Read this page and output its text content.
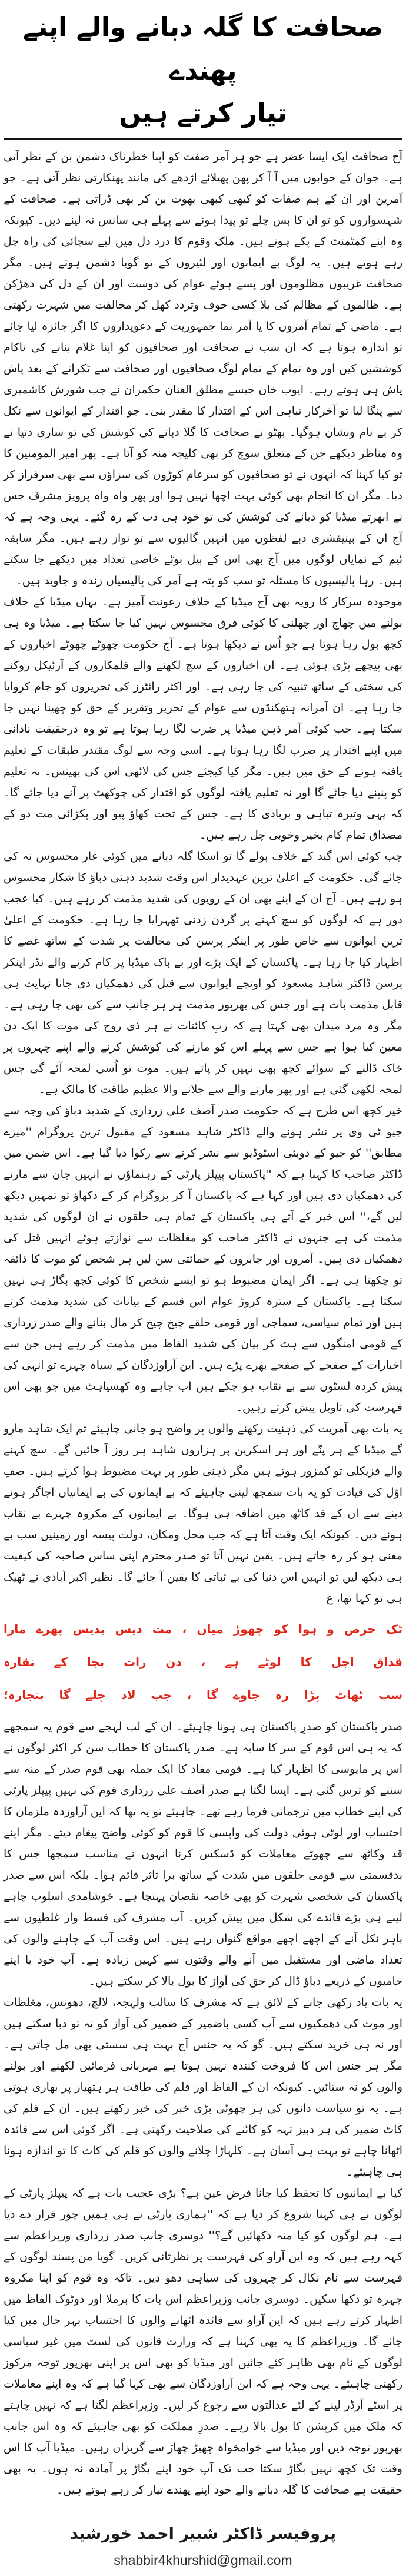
صحافت کا گلہ دبانے والے اپنے پھندے
تیار کرتے ہیں

آج صحافت ایک ایسا عضر ہے جو ہر آمر صفت کو اپنا خطرناک دشمن بن کے نظر آتی ہے۔ جوان کے خوابوں میں آ آ کر پھن پھیلائے اژدھے کی مانند پھنکارتی نظر آتی ہے۔ جو آمرین اور ان کے ہم صفات کو کبھی کبھی بھوت بن کر بھی ڈراتی ہے۔ صحافت کے شہسواروں کو تو ان کا بس چلے تو پیدا ہونے سے پہلے ہی سانس نہ لینے دیں۔ کیونکہ وہ اپنے کمٹمنٹ کے پکے ہوتے ہیں۔ ملک وقوم کا درد دل میں لیے سچائی کی راہ چل رہے ہوتے ہیں۔ یہ لوگ بے ایمانوں اور لٹیروں کے تو گویا دشمن ہوتے ہیں۔ مگر صحافت غریبوں مظلوموں اور پسے ہوئے عوام کی دوست اور ان کے دل کی دھڑکن ہے۔ ظالموں کے مظالم کی بلا کسی خوف وتردد کھل کر مخالفت میں شہرت رکھتی ہے۔ ماضی کے تمام آمروں کا یا آمر نما جمہوریت کے دعویداروں کا اگر جائزہ لیا جائے تو اندازہ ہوتا ہے کہ ان سب نے صحافت اور صحافیوں کو اپنا غلام بنانے کی ناکام کوششیں کیں اور وہ تمام کے تمام لوگ صحافیوں اور صحافت سے ٹکرانے کے بعد پاش پاش ہی ہوتے رہے۔ ایوب خان جیسے مطلق العنان حکمران نے جب شورش کاشمیری سے پنگا لیا تو آخرکار تباہی اس کے اقتدار کا مقدر بنی۔ جو اقتدار کے ایوانوں سے نکل کر بے نام ونشان ہوگیا۔ بھٹو نے صحافت کا گلا دبانے کی کوشش کی تو ساری دنیا نے وہ مناظر دیکھے جن کے متعلق سوچ کر بھی کلیجہ منہ کو آتا ہے۔ پھر امیر المومنین کا تو کیا کہنا کہ انہوں نے تو صحافیوں کو سرعام کوڑوں کی سزاؤں سے بھی سرفراز کر دیا۔ مگر ان کا انجام بھی کوئی بہت اچھا نہیں ہوا اور پھر واہ واہ پرویز مشرف جس نے ابھرتے میڈیا کو دبانے کی کوشش کی تو خود ہی دب کے رہ گئے۔ یہی وجہ ہے کہ آج ان کے بینیفشری دبے لفظوں میں انہیں گالیوں سے تو نواز رہے ہیں۔ مگر سابقہ ٹیم کے نمایاں لوگوں میں آج بھی اس کے بیل بوٹے خاصی تعداد میں دیکھے جا سکتے ہیں۔ رہا پالیسیوں کا مسئلہ تو سب کو پتہ ہے آمر کی پالیسیاں زندہ و جاوید ہیں۔

موجودہ سرکار کا رویہ بھی آج میڈیا کے خلاف رعونت آمیز ہے۔ یہاں میڈیا کے خلاف بولنے میں چھاج اور چھلنی کا کوئی فرق محسوس نہیں کیا جا سکتا ہے۔ میڈیا وہ ہی کچھ بول رہا ہوتا ہے جو اُس نے دیکھا ہوتا ہے۔ آج حکومت چھوٹے چھوٹے اخباروں کے بھی پیچھے پڑی ہوئی ہے۔ ان اخباروں کے سچ لکھنے والے قلمکاروں کے آرٹیکل روکنے کی سختی کے ساتھ تنبیہ کی جا رہی ہے۔ اور اکثر رائٹرز کی تحریروں کو جام کروایا جا رہا ہے۔ ان آمرانہ ہتھکنڈوں سے عوام کے تحریر وتقریر کے حق کو چھینا نہیں جا سکتا ہے۔ جب کوئی آمر ذہن میڈیا پر ضرب لگا رہا ہوتا ہے تو وہ درحقیقت نادانی میں اپنے اقتدار پر ضرب لگا رہا ہوتا ہے۔ اسی وجہ سے لوگ مقتدر طبقات کے تعلیم یافتہ ہونے کے حق میں ہیں۔ مگر کیا کیجئے جس کی لاٹھی اس کی بھینس۔ نہ تعلیم کو پنپنے دیا جائے گا اور نہ تعلیم یافتہ لوگوں کو اقتدار کی چوکھٹ پر آنے دیا جائے گا۔ کہ یہی وتیرہ تباہی و بربادی کا ہے۔ جس کے تحت کھاؤ پیو اور پکڑائی مت دو کے مصداق تمام کام بخیر وخوبی چل رہے ہیں۔

جب کوئی اس گند کے خلاف بولے گا تو اسکا گلہ دبانے میں کوئی عار محسوس نہ کی جائے گی۔ حکومت کے اعلیٰ ترین عہدیدار اس وقت شدید ذہنی دباؤ کا شکار محسوس ہو رہے ہیں۔ آج ان کے اپنے بھی ان کے رویوں کی شدید مذمت کر رہے ہیں۔ کیا عجب دور ہے کہ لوگوں کو سچ کہنے پر گردن زدنی ٹھہرایا جا رہا ہے۔ حکومت کے اعلیٰ ترین ایوانوں سے خاص طور پر اینکر پرسن کی مخالفت پر شدت کے ساتھ غصے کا اظہار کیا جا رہا ہے۔ پاکستان کے ایک بڑے اور بے باک میڈیا پر کام کرنے والے نڈر اینکر پرسن ڈاکٹر شاہد مسعود کو اونچے ایوانوں سے قتل کی دھمکیاں دی جانا نہایت ہی قابل مذمت بات ہے اور جس کی بھرپور مذمت ہر ہر جانب سے کی بھی جا رہی ہے۔ مگر وہ مرد میدان بھی کہتا ہے کہ ربِ کائنات نے ہر ذی روح کی موت کا ایک دن معین کیا ہوا ہے جس سے پہلے اس کو مارنے کی کوشش کرنے والے اپنے چہروں پر خاک ڈالنے کے سوائے کچھ بھی نہیں کر پاتے ہیں۔ موت تو اُسی لمحہ آئے گی جس لمحہ لکھی گئی ہے اور پھر مارنے والے سے جلانے والا عظیم طاقت کا مالک ہے۔

خیر کچھ اس طرح ہے کہ حکومت صدر آصف علی زرداری کے شدید دباؤ کی وجہ سے جیو ٹی وی پر نشر ہونے والے ڈاکٹر شاہد مسعود کے مقبول ترین پروگرام ''میرے مطابق'' کو جیو کے دوبئی اسٹوڈیو سے نشر کرنے سے رکوا دیا گیا ہے۔ اس ضمن میں ڈاکٹر صاحب کا کہنا ہے کہ ''پاکستان پیپلز پارٹی کے رہنماؤں نے انہیں جان سے مارنے کی دھمکیاں دی ہیں اور کہا ہے کہ پاکستان آ کر پروگرام کر کے دکھاؤ تو تمہیں دیکھ لیں گے،'' اس خبر کے آتے ہی پاکستان کے تمام ہی حلقوں نے ان لوگوں کی شدید مذمت کی ہے جنہوں نے ڈاکٹر صاحب کو مغلظات سے نوازتے ہوئے انہیں قتل کی دھمکیاں دی ہیں۔ آمروں اور جابروں کے حمائتی سن لیں ہر شخص کو موت کا ذائقہ تو چکھنا ہی ہے۔ اگر ایمان مضبوط ہو تو ایسے شخص کا کوئی کچھ بگاڑ ہی نہیں سکتا ہے۔ پاکستان کے سترہ کروڑ عوام اس قسم کے بیانات کی شدید مذمت کرتے ہیں اور تمام سیاسی، سماجی اور قومی حلقے چیخ چیخ کر مال بنانے والے صدر زرداری کے قومی امنگوں سے ہٹ کر بیان کی شدید الفاظ میں مذمت کر رہے ہیں جن سے اخبارات کے صفحے کے صفحے بھرے پڑے ہیں۔ این آراوزدگان کے سیاہ چہرے تو انہی کی پیش کردہ لسٹوں سے بے نقاب ہو چکے ہیں اب چاہے وہ کھسیاہٹ میں جو بھی اس فہرست کی تاویل پیش کرتے رہیں۔

یہ بات بھی آمریت کی ذہنیت رکھنے والوں پر واضح ہو جانی چاہیئے تم ایک شاہد مارو گے میڈیا کے ہر پنّے اور ہر اسکرین پر ہزاروں شاہد ہر روز آ جائیں گے۔ سچ کہنے والے فزیکلی تو کمزور ہوتے ہیں مگر ذہنی طور پر بہت مضبوط ہوا کرتے ہیں۔ صفِ اوّل کی قیادت کو یہ بات سمجھ لینی چاہیئے کہ بے ایمانوں کی بے ایمانیاں اجاگر ہونے دینے سے ان کے قد کاٹھ میں اضافہ ہی ہوگا۔ بے ایمانوں کے مکروہ چہرے بے نقاب ہونے دیں۔ کیونکہ ایک وقت آتا ہے کہ جب محل ومکان، دولت پیسہ اور زمینیں سب بے معنی ہو کر رہ جاتے ہیں۔ یقین نہیں آتا تو صدر محترم اپنی ساس صاحبہ کی کیفیت ہی دیکھ لیں تو انہیں اس دنیا کی بے ثباتی کا یقین آ جائے گا۔ نظیر اکبر آبادی نے ٹھیک ہی تو کہا تھا، ع

ٹک حرص و ہوا کو چھوڑ میاں ، مت دیس بدیس پھرے مارا

قذاق اجل کا لوٹے ہے ، دن رات بجا کے نقارہ

سب ٹھاٹ پڑا رہ جاوے گا ، جب لاد چلے گا بنجارہ؛

صدر پاکستان کو صدرِ پاکستان ہی ہونا چاہیئے۔ ان کے لب لہجے سے قوم یہ سمجھے کہ یہ ہی اس قوم کے سر کا سایہ ہے۔ صدر پاکستان کا خطاب سن کر اکثر لوگوں نے اس پر مایوسی کا اظہار کیا ہے۔ قومی مفاد کا ایک جملہ بھی قوم صدر کے منہ سے سننے کو ترس گئی ہے۔ ایسا لگتا ہے صدر آصف علی زرداری قوم کی نہیں پیپلز پارٹی کی اپنے خطاب میں ترجمانی فرما رہے تھے۔ چاہیئے تو یہ تھا کہ این آراوزدہ ملزمان کا احتساب اور لوٹی ہوئی دولت کی واپسی کا قوم کو کوئی واضح پیغام دیتے۔ مگر اپنے قد وکاٹھ سے چھوٹے معاملات کو ڈسکس کرنا انہوں نے مناسب سمجھا جس کا بدقسمتی سے قومی حلقوں میں شدت کے ساتھ برا تاثر قائم ہوا۔ بلکہ اس سے صدر پاکستان کی شخصی شہرت کو بھی خاصہ نقصان پہنچا ہے۔ خوشامدی اسلوب چاہے لینے ہی بڑے فائدے کی شکل میں پیش کریں۔ آپ مشرف کی قسط وار غلطیوں سے باہر نکل آنے کے اچھے اچھے مواقع گنواں رہے ہیں۔ اس وقت آپ کے چاہنے والوں کی تعداد ماضی اور مستقبل میں آنے والے وقتوں سے کہیں زیادہ ہے۔ آپ خود یا اپنے حامیوں کے ذریعے دباؤ ڈال کر حق کی آواز کا بول بالا کر سکتے ہیں۔

یہ بات یاد رکھی جانے کے لائق ہے کہ مشرف کا سالب ولہجہ، لالچ، دھونس، مغلظات اور موت کی دھمکیوں سے آپ کسی باضمیر کے ضمیر کی آواز کو نہ تو دبا سکتے ہیں اور نہ ہی خرید سکتے ہیں۔ گو کہ یہ جنس آج بہت ہی سستی بھی مل جاتی ہے۔ مگر ہر جنس اس کا فروخت کنندہ نہیں ہوتا ہے مہربانی فرمائیں لکھنے اور بولنے والوں کو نہ ستائیں۔ کیونکہ ان کے الفاظ اور قلم کی طاقت ہر ہتھیار پر بھاری ہوتی ہے۔ یہ تو سیاست دانوں کی ہر چھوٹی بڑی خبر کی خبر رکھتے ہیں۔ ان کے قلم کی کاٹ ضمیر کی ہر دبیز تہہ کو کاٹنے کی صلاحیت رکھتی ہے۔ اگر کوئی اس سے فائدہ اٹھانا چاہے تو بہت ہی آسان ہے۔ کلہاڑا چلانے والوں کو قلم کی کاٹ کا تو اندازہ ہونا ہی چاہیئے۔

کیا بے ایمانیوں کا تحفظ کیا جانا فرض عین ہے؟ بڑی عجیب بات ہے کہ پیپلز پارٹی کے لوگوں نے ہی کہنا شروع کر دیا ہے کہ ''ہماری پارٹی نے ہی ہمیں چور قرار دے دیا ہے۔ ہم لوگوں کو کیا منہ دکھائیں گے؟'' دوسری جانب صدر زرداری وزیراعظم سے کہہ رہے ہیں کہ وہ این آراو کی فہرست پر نظرثانی کریں۔ گویا من پسند لوگوں کے فہرست سے نام نکال کر چہروں کی سیاہی دھو دیں۔ تاکہ وہ قوم کو اپنا مکروہ چہرہ تو دکھا سکیں۔ دوسری جانب وزیراعظم اس بات کا برملا اور دوٹوک الفاظ میں اظہار کرتے رہے ہیں کہ این آراو سے فائدہ اٹھانے والوں کا احتساب بہر حال میں کیا جائے گا۔ وزیراعظم کا یہ بھی کہنا ہے کہ وزارت قانون کی لسٹ میں غیر سیاسی لوگوں کے نام بھی ظاہر کئے جائیں اور میڈیا کو بھی اس پر اپنی بھرپور توجہ مرکوز رکھنی چاہیئے۔ یہی وجہ ہے کہ این آراوزدگان سے بھی کہا گیا ہے کہ وہ اپنے معاملات پر اسٹے آرڈر لینے کے لئے عدالتوں سے رجوع کر لیں۔ وزیراعظم لگتا ہے کہ نہیں چاہتے کہ ملک میں کرپشن کا بول بالا رہے۔ صدرِ مملکت کو بھی چاہیئے کہ وہ اس جانب بھرپور توجہ دیں اور میڈیا سے خوامخواہ چھیڑ چھاڑ سے گریزاں رہیں۔ میڈیا آپ کا اس وقت تک کچھ نہیں بگاڑ سکتا جب تک آپ خود اپنے بگاڑ پر آمادہ نہ ہوں۔ یہ بھی حقیقت ہے صحافت کا گلہ دبانے والے خود اپنے پھندے تیار کر رہے ہوتے ہیں۔

پروفیسر ڈاکٹر شبیر احمد خورشید
shabbir4khurshid@gmail.com
